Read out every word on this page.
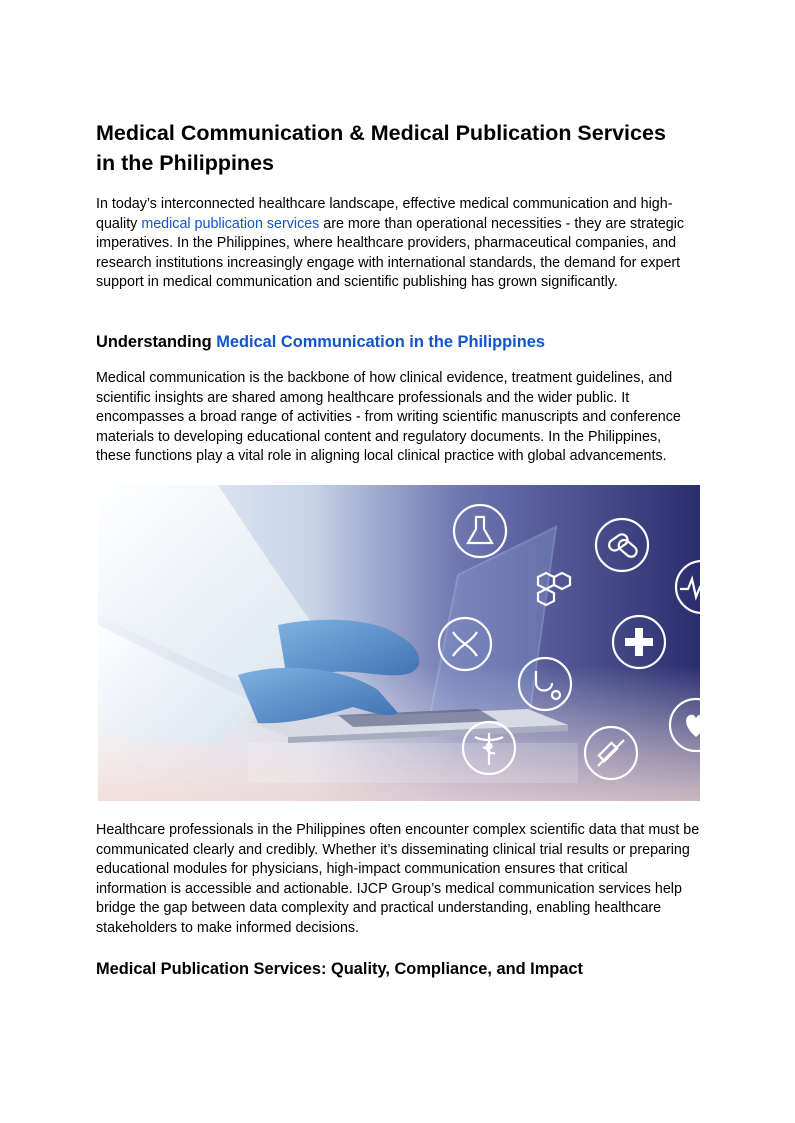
Medical Communication & Medical Publication Services
in the Philippines

In today’s interconnected healthcare landscape, effective medical communication and high-quality medical publication services are more than operational necessities - they are strategic imperatives. In the Philippines, where healthcare providers, pharmaceutical companies, and research institutions increasingly engage with international standards, the demand for expert support in medical communication and scientific publishing has grown significantly.

Understanding Medical Communication in the Philippines

Medical communication is the backbone of how clinical evidence, treatment guidelines, and scientific insights are shared among healthcare professionals and the wider public. It encompasses a broad range of activities - from writing scientific manuscripts and conference materials to developing educational content and regulatory documents. In the Philippines, these functions play a vital role in aligning local clinical practice with global advancements.

Healthcare professionals in the Philippines often encounter complex scientific data that must be communicated clearly and credibly. Whether it’s disseminating clinical trial results or preparing educational modules for physicians, high-impact communication ensures that critical information is accessible and actionable. IJCP Group’s medical communication services help bridge the gap between data complexity and practical understanding, enabling healthcare stakeholders to make informed decisions.

Medical Publication Services: Quality, Compliance, and Impact
